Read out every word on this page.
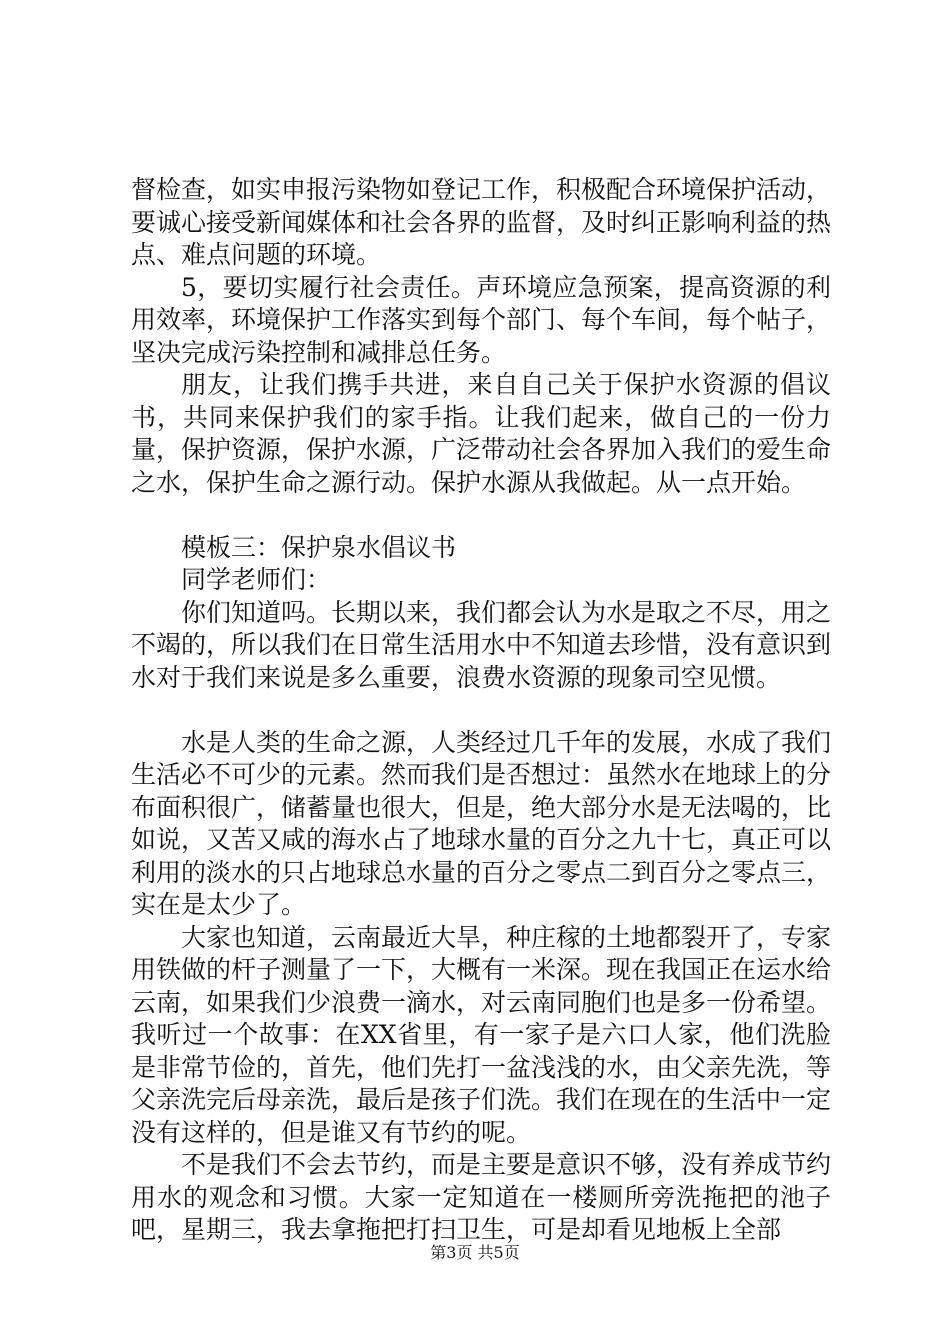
督检查，如实申报污染物如登记工作，积极配合环境保护活动，要诚心接受新闻媒体和社会各界的监督，及时纠正影响利益的热点、难点问题的环境。

5，要切实履行社会责任。声环境应急预案，提高资源的利用效率，环境保护工作落实到每个部门、每个车间，每个帖子，坚决完成污染控制和减排总任务。

朋友，让我们携手共进，来自自己关于保护水资源的倡议书，共同来保护我们的家手指。让我们起来，做自己的一份力量，保护资源，保护水源，广泛带动社会各界加入我们的爱生命之水，保护生命之源行动。保护水源从我做起。从一点开始。

模板三：保护泉水倡议书

同学老师们：

你们知道吗。长期以来，我们都会认为水是取之不尽，用之不竭的，所以我们在日常生活用水中不知道去珍惜，没有意识到水对于我们来说是多么重要，浪费水资源的现象司空见惯。

水是人类的生命之源，人类经过几千年的发展，水成了我们生活必不可少的元素。然而我们是否想过：虽然水在地球上的分布面积很广，储蓄量也很大，但是，绝大部分水是无法喝的，比如说，又苦又咸的海水占了地球水量的百分之九十七，真正可以利用的淡水的只占地球总水量的百分之零点二到百分之零点三，实在是太少了。

大家也知道，云南最近大旱，种庄稼的土地都裂开了，专家用铁做的杆子测量了一下，大概有一米深。现在我国正在运水给云南，如果我们少浪费一滴水，对云南同胞们也是多一份希望。我听过一个故事：在XX省里，有一家子是六口人家，他们洗脸是非常节俭的，首先，他们先打一盆浅浅的水，由父亲先洗，等父亲洗完后母亲洗，最后是孩子们洗。我们在现在的生活中一定没有这样的，但是谁又有节约的呢。

不是我们不会去节约，而是主要是意识不够，没有养成节约用水的观念和习惯。大家一定知道在一楼厕所旁洗拖把的池子吧，星期三，我去拿拖把打扫卫生，可是却看见地板上全部

第3页 共5页
